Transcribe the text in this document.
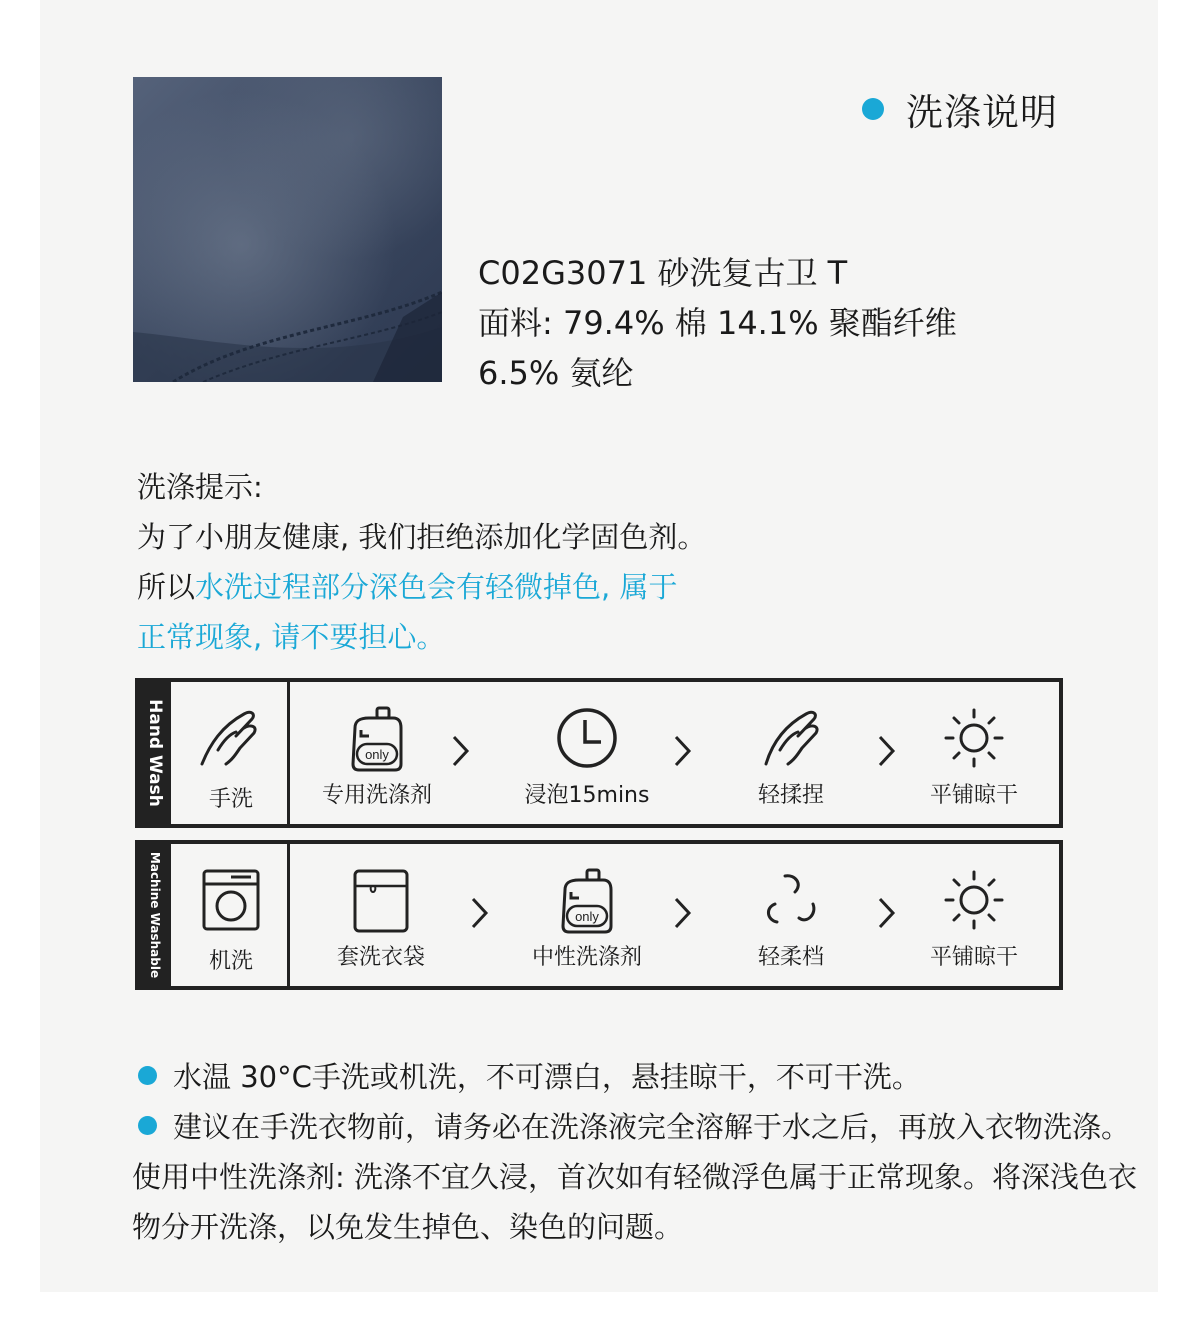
洗涤说明
C02G3071 砂洗复古卫 T
面料: 79.4% 棉 14.1% 聚酯纤维
6.5% 氨纶
洗涤提示:
为了小朋友健康, 我们拒绝添加化学固色剂。
所以水洗过程部分深色会有轻微掉色, 属于
正常现象, 请不要担心。
Hand Wash	手洗
only
专用洗涤剂	浸泡15mins	轻揉捏	平铺晾干
Machine Washable	机洗	套洗衣袋
only
中性洗涤剂	轻柔档	平铺晾干
水温 30°C手洗或机洗，不可漂白，悬挂晾干，不可干洗。
建议在手洗衣物前，请务必在洗涤液完全溶解于水之后，再放入衣物洗涤。使用中性洗涤剂: 洗涤不宜久浸，首次如有轻微浮色属于正常现象。将深浅色衣物分开洗涤，以免发生掉色、染色的问题。
